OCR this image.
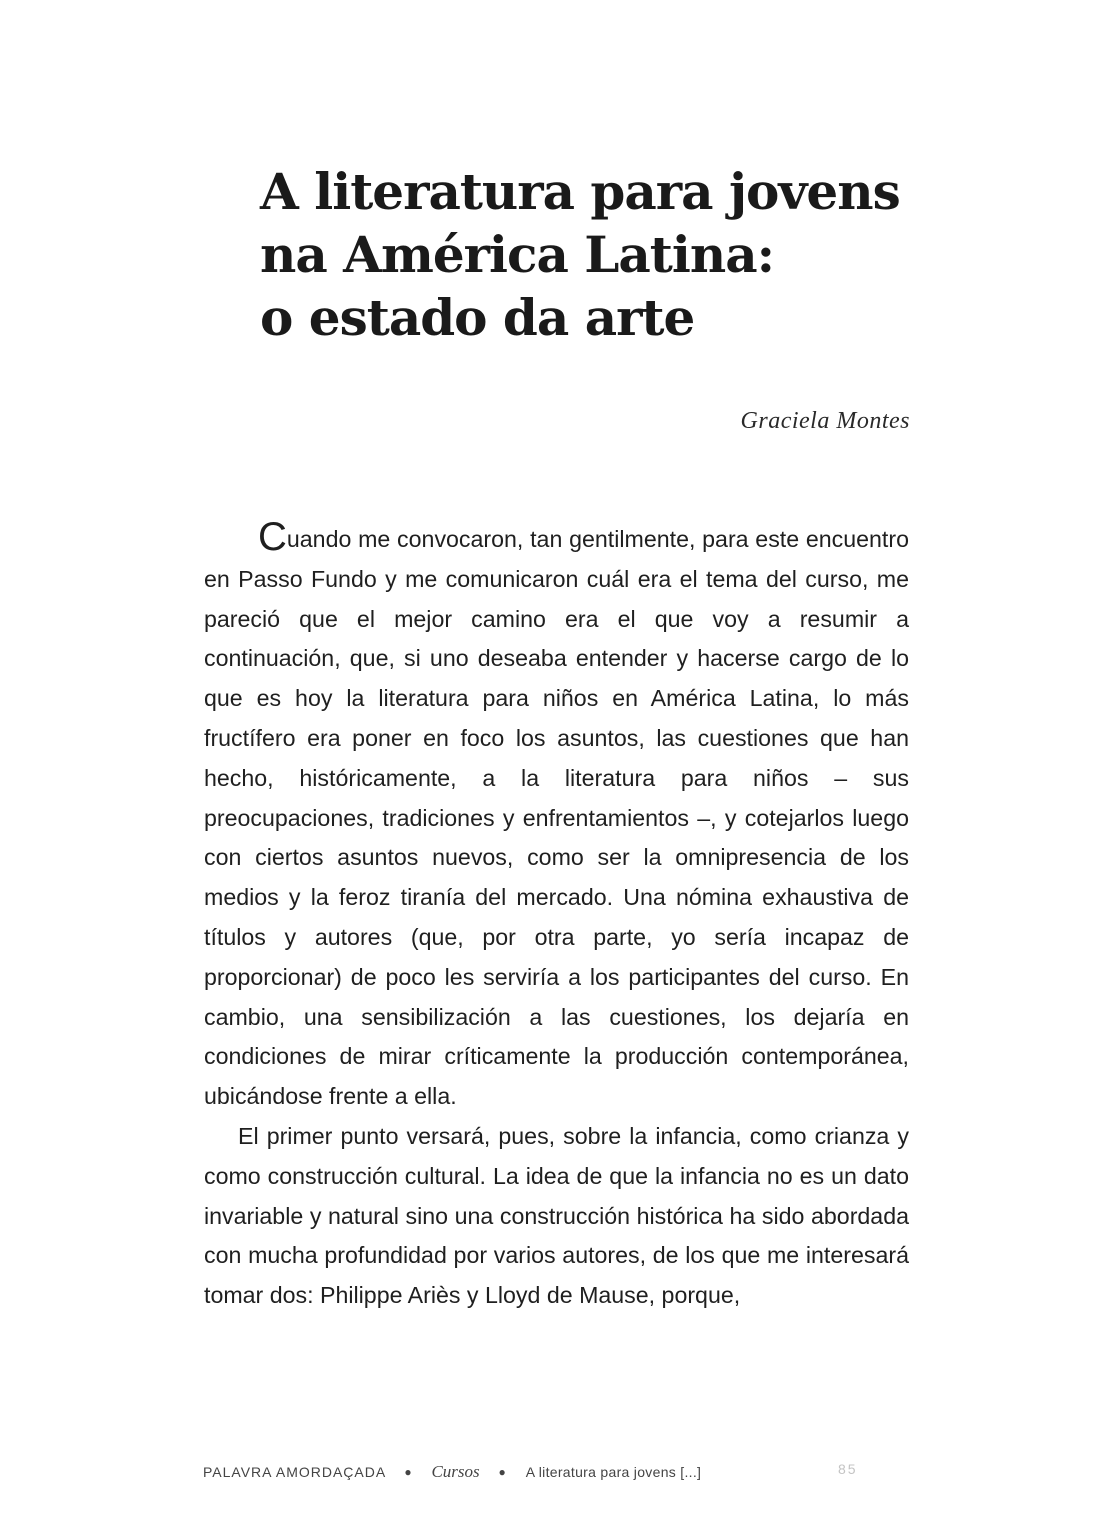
A literatura para jovens
na América Latina:
o estado da arte
Graciela Montes

Cuando me convocaron, tan gentilmente, para este encuentro en Passo Fundo y me comunicaron cuál era el tema del curso, me pareció que el mejor camino era el que voy a resumir a continuación, que, si uno deseaba entender y hacerse cargo de lo que es hoy la literatura para niños en América Latina, lo más fructífero era poner en foco los asuntos, las cuestiones que han hecho, históricamente, a la literatura para niños – sus preocupaciones, tradiciones y enfrentamientos –, y cotejarlos luego con ciertos asuntos nuevos, como ser la omnipresencia de los medios y la feroz tiranía del mercado. Una nómina exhaustiva de títulos y autores (que, por otra parte, yo sería incapaz de proporcionar) de poco les serviría a los participantes del curso. En cambio, una sensibilización a las cuestiones, los dejaría en condiciones de mirar críticamente la producción contemporánea, ubicándose frente a ella.

El primer punto versará, pues, sobre la infancia, como crianza y como construcción cultural. La idea de que la infancia no es un dato invariable y natural sino una construcción histórica ha sido abordada con mucha profundidad por varios autores, de los que me interesará tomar dos: Philippe Ariès y Lloyd de Mause, porque,

PALAVRA AMORDAÇADA ● Cursos ● A literatura para jovens [...]	85
